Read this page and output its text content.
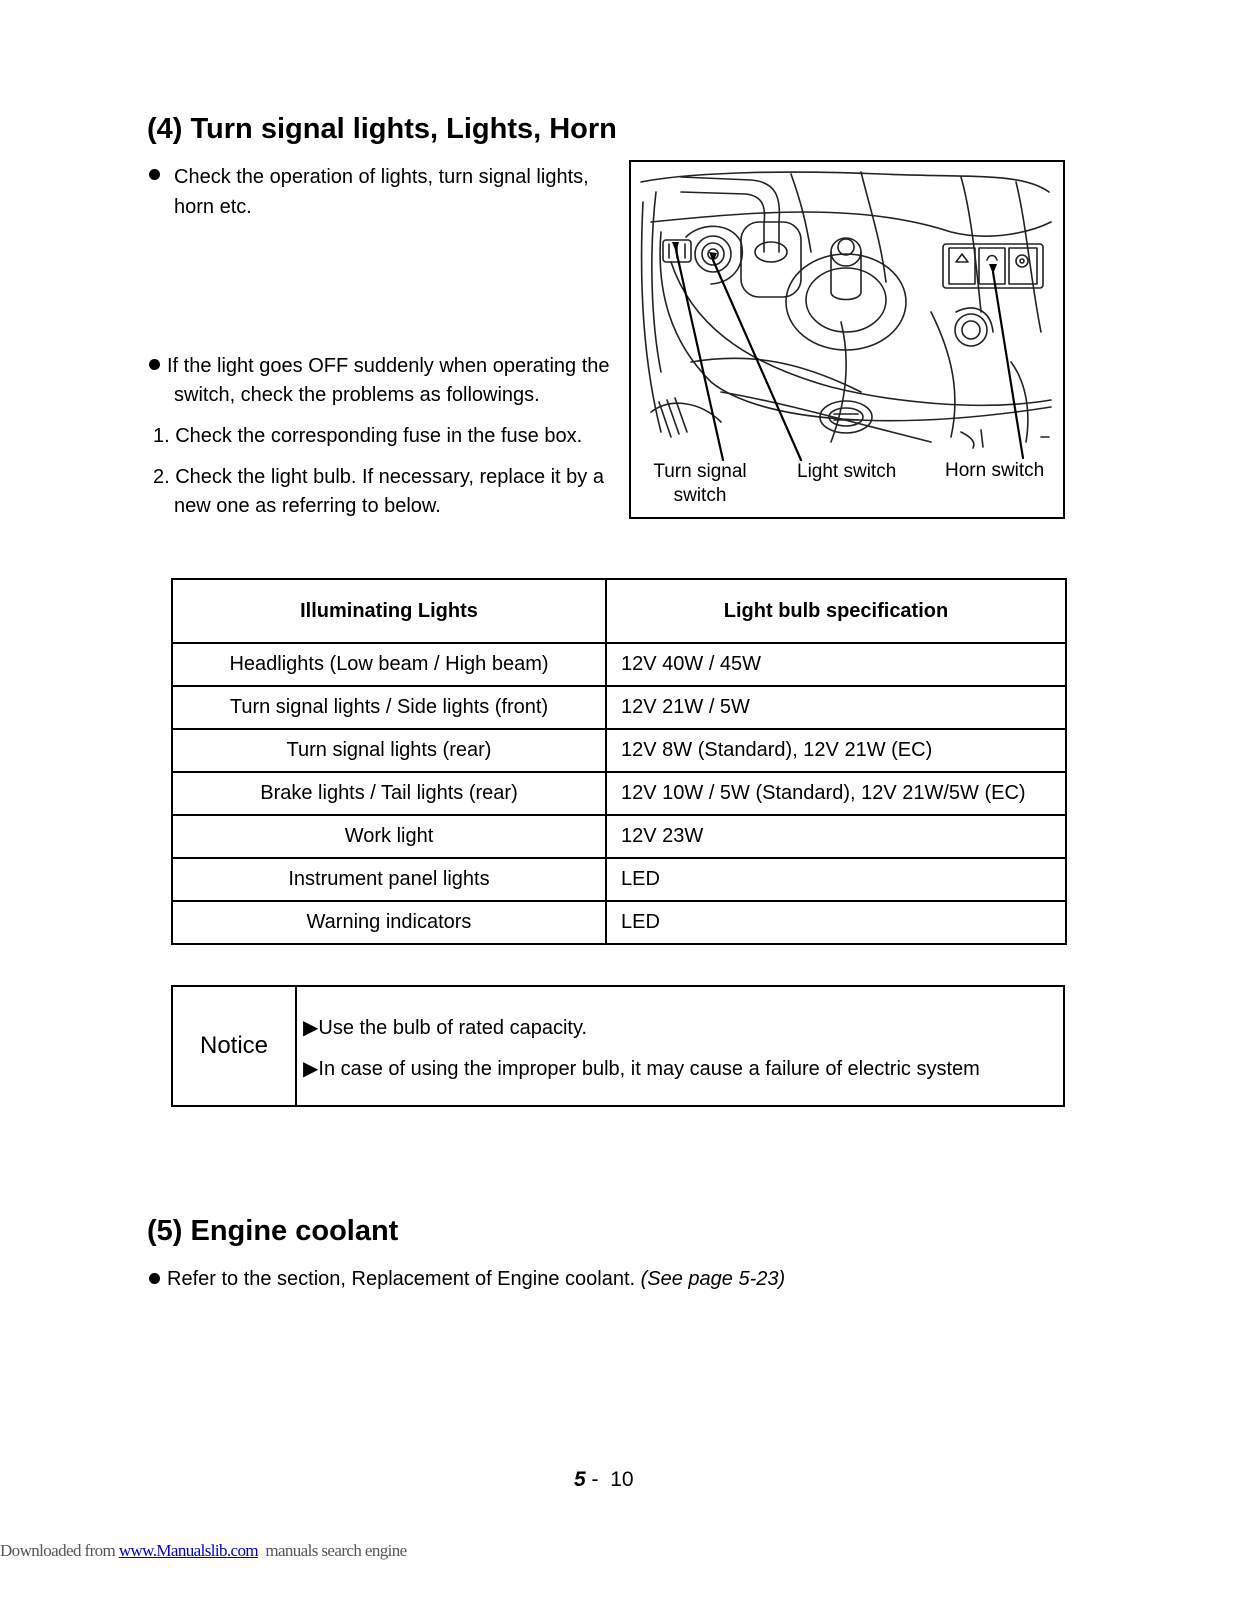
(4) Turn signal lights, Lights, Horn
Check the operation of lights, turn signal lights,
horn etc.
If the light goes OFF suddenly when operating the
switch, check the problems as followings.
1. Check the corresponding fuse in the fuse box.
2. Check the light bulb. If necessary, replace it by a
new one as referring to below.
Turn signal
switch
Light switch	Horn switch
Illuminating Lights	Light bulb specification
Headlights (Low beam / High beam)	12V 40W / 45W
Turn signal lights / Side lights (front)	12V 21W / 5W
Turn signal lights (rear)	12V 8W (Standard), 12V 21W (EC)
Brake lights / Tail lights (rear)	12V 10W / 5W (Standard), 12V 21W/5W (EC)
Work light	12V 23W
Instrument panel lights	LED
Warning indicators	LED
Notice
▶Use the bulb of rated capacity.
▶In case of using the improper bulb, it may cause a failure of electric system
(5) Engine coolant
Refer to the section, Replacement of Engine coolant. (See page 5-23)
5 -  10
Downloaded from www.Manualslib.com  manuals search engine
